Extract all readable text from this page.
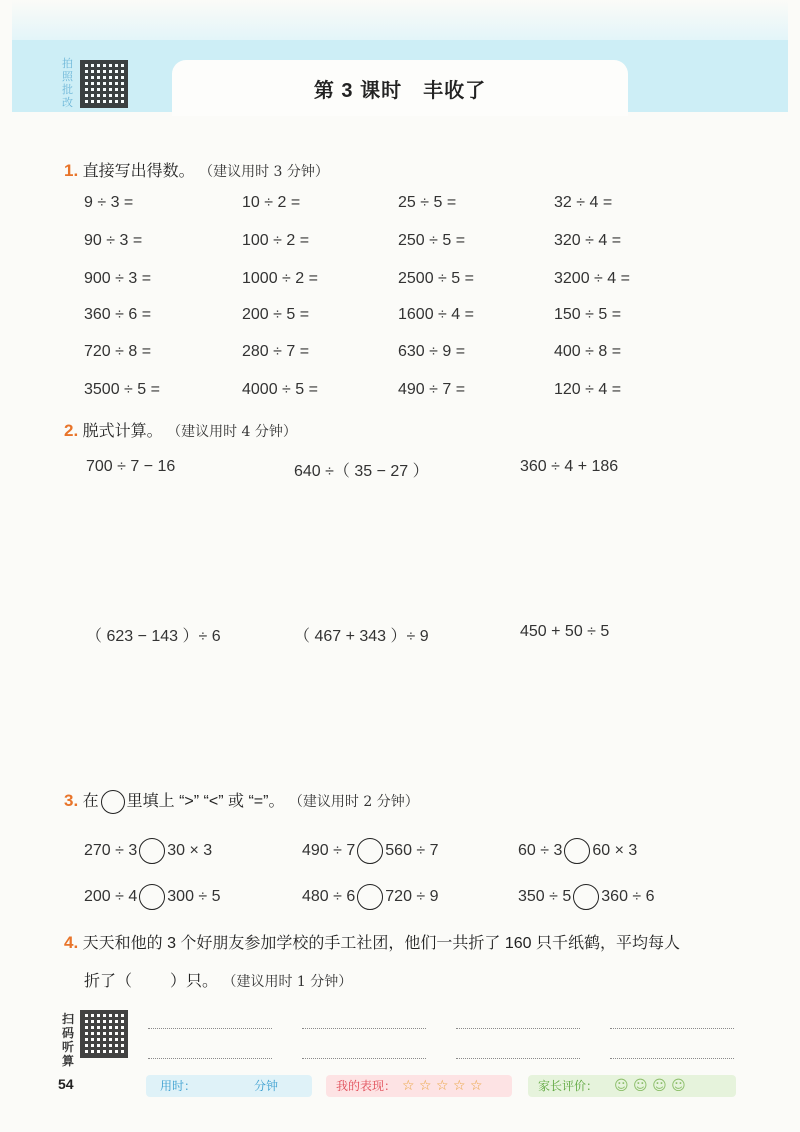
第 3 课时　丰收了
拍照批改
1. 直接写出得数。 （建议用时 3 分钟）
9 ÷ 3 =	10 ÷ 2 =	25 ÷ 5 =	32 ÷ 4 =
90 ÷ 3 =	100 ÷ 2 =	250 ÷ 5 =	320 ÷ 4 =
900 ÷ 3 =	1000 ÷ 2 =	2500 ÷ 5 =	3200 ÷ 4 =
360 ÷ 6 =	200 ÷ 5 =	1600 ÷ 4 =	150 ÷ 5 =
720 ÷ 8 =	280 ÷ 7 =	630 ÷ 9 =	400 ÷ 8 =
3500 ÷ 5 =	4000 ÷ 5 =	490 ÷ 7 =	120 ÷ 4 =
2. 脱式计算。 （建议用时 4 分钟）
700 ÷ 7 − 16	640 ÷（ 35 − 27 ）	360 ÷ 4 + 186
（ 623 − 143 ）÷ 6	（ 467 + 343 ）÷ 9	450 + 50 ÷ 5
3. 在 里填上 “>” “<” 或 “=”。 （建议用时 2 分钟）
270 ÷ 3 30 × 3	490 ÷ 7 560 ÷ 7	60 ÷ 3 60 × 3
200 ÷ 4 300 ÷ 5	480 ÷ 6 720 ÷ 9	350 ÷ 5 360 ÷ 6
4. 天天和他的 3 个好朋友参加学校的手工社团，他们一共折了 160 只千纸鹤，平均每人
折了（ ）只。 （建议用时 1 分钟）
扫码听算
54	用时：	分钟	我的表现： ☆ ☆ ☆ ☆ ☆	家长评价： ☺ ☺ ☺ ☺
